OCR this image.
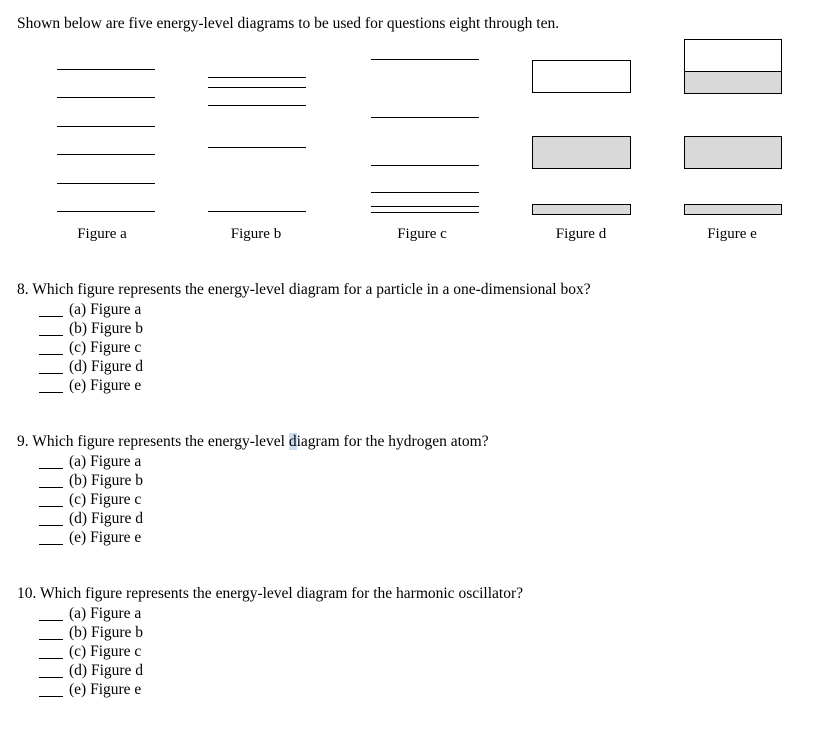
Shown below are five energy-level diagrams to be used for questions eight through ten.
Figure a	Figure b	Figure c	Figure d	Figure e
8. Which figure represents the energy-level diagram for a particle in a one-dimensional box?
(a) Figure a
(b) Figure b
(c) Figure c
(d) Figure d
(e) Figure e
9. Which figure represents the energy-level diagram for the hydrogen atom?
(a) Figure a
(b) Figure b
(c) Figure c
(d) Figure d
(e) Figure e
10. Which figure represents the energy-level diagram for the harmonic oscillator?
(a) Figure a
(b) Figure b
(c) Figure c
(d) Figure d
(e) Figure e
